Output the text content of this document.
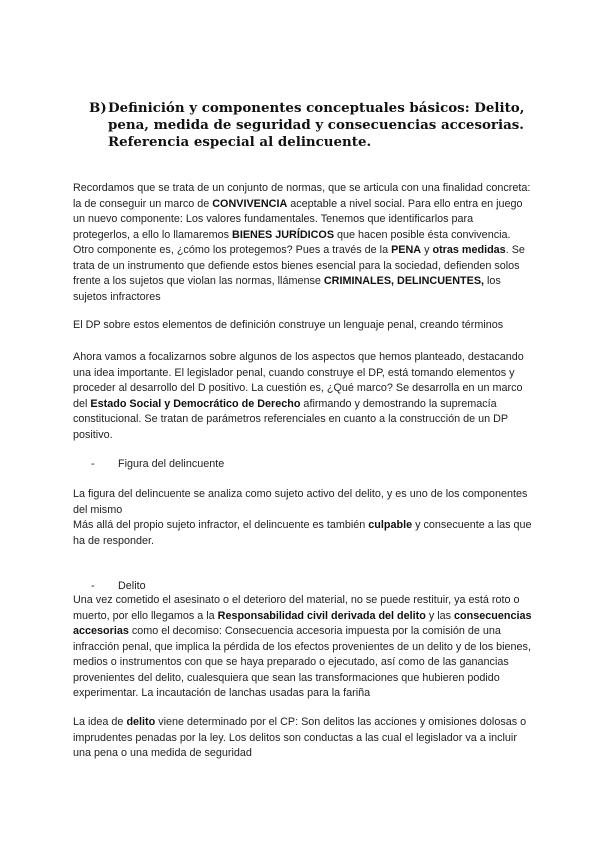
B) Definición y componentes conceptuales básicos: Delito, pena, medida de seguridad y consecuencias accesorias. Referencia especial al delincuente.

Recordamos que se trata de un conjunto de normas, que se articula con una finalidad concreta: la de conseguir un marco de CONVIVENCIA aceptable a nivel social. Para ello entra en juego un nuevo componente: Los valores fundamentales. Tenemos que identificarlos para protegerlos, a ello lo llamaremos BIENES JURÍDICOS que hacen posible ésta convivencia. Otro componente es, ¿cómo los protegemos? Pues a través de la PENA y otras medidas. Se trata de un instrumento que defiende estos bienes esencial para la sociedad, defienden solos frente a los sujetos que violan las normas, llámense CRIMINALES, DELINCUENTES, los sujetos infractores

El DP sobre estos elementos de definición construye un lenguaje penal, creando términos

Ahora vamos a focalizarnos sobre algunos de los aspectos que hemos planteado, destacando una idea importante. El legislador penal, cuando construye el DP, está tomando elementos y proceder al desarrollo del D positivo. La cuestión es, ¿Qué marco? Se desarrolla en un marco del Estado Social y Democrático de Derecho afirmando y demostrando la supremacía constitucional. Se tratan de parámetros referenciales en cuanto a la construcción de un DP positivo.

- Figura del delincuente

La figura del delincuente se analiza como sujeto activo del delito, y es uno de los componentes del mismo

Más allá del propio sujeto infractor, el delincuente es también culpable y consecuente a las que ha de responder.

- Delito

Una vez cometido el asesinato o el deterioro del material, no se puede restituir, ya está roto o muerto, por ello llegamos a la Responsabilidad civil derivada del delito y las consecuencias accesorias como el decomiso: Consecuencia accesoria impuesta por la comisión de una infracción penal, que implica la pérdida de los efectos provenientes de un delito y de los bienes, medios o instrumentos con que se haya preparado o ejecutado, así como de las ganancias provenientes del delito, cualesquiera que sean las transformaciones que hubieren podido experimentar. La incautación de lanchas usadas para la fariña

La idea de delito viene determinado por el CP: Son delitos las acciones y omisiones dolosas o imprudentes penadas por la ley. Los delitos son conductas a las cual el legislador va a incluir una pena o una medida de seguridad
